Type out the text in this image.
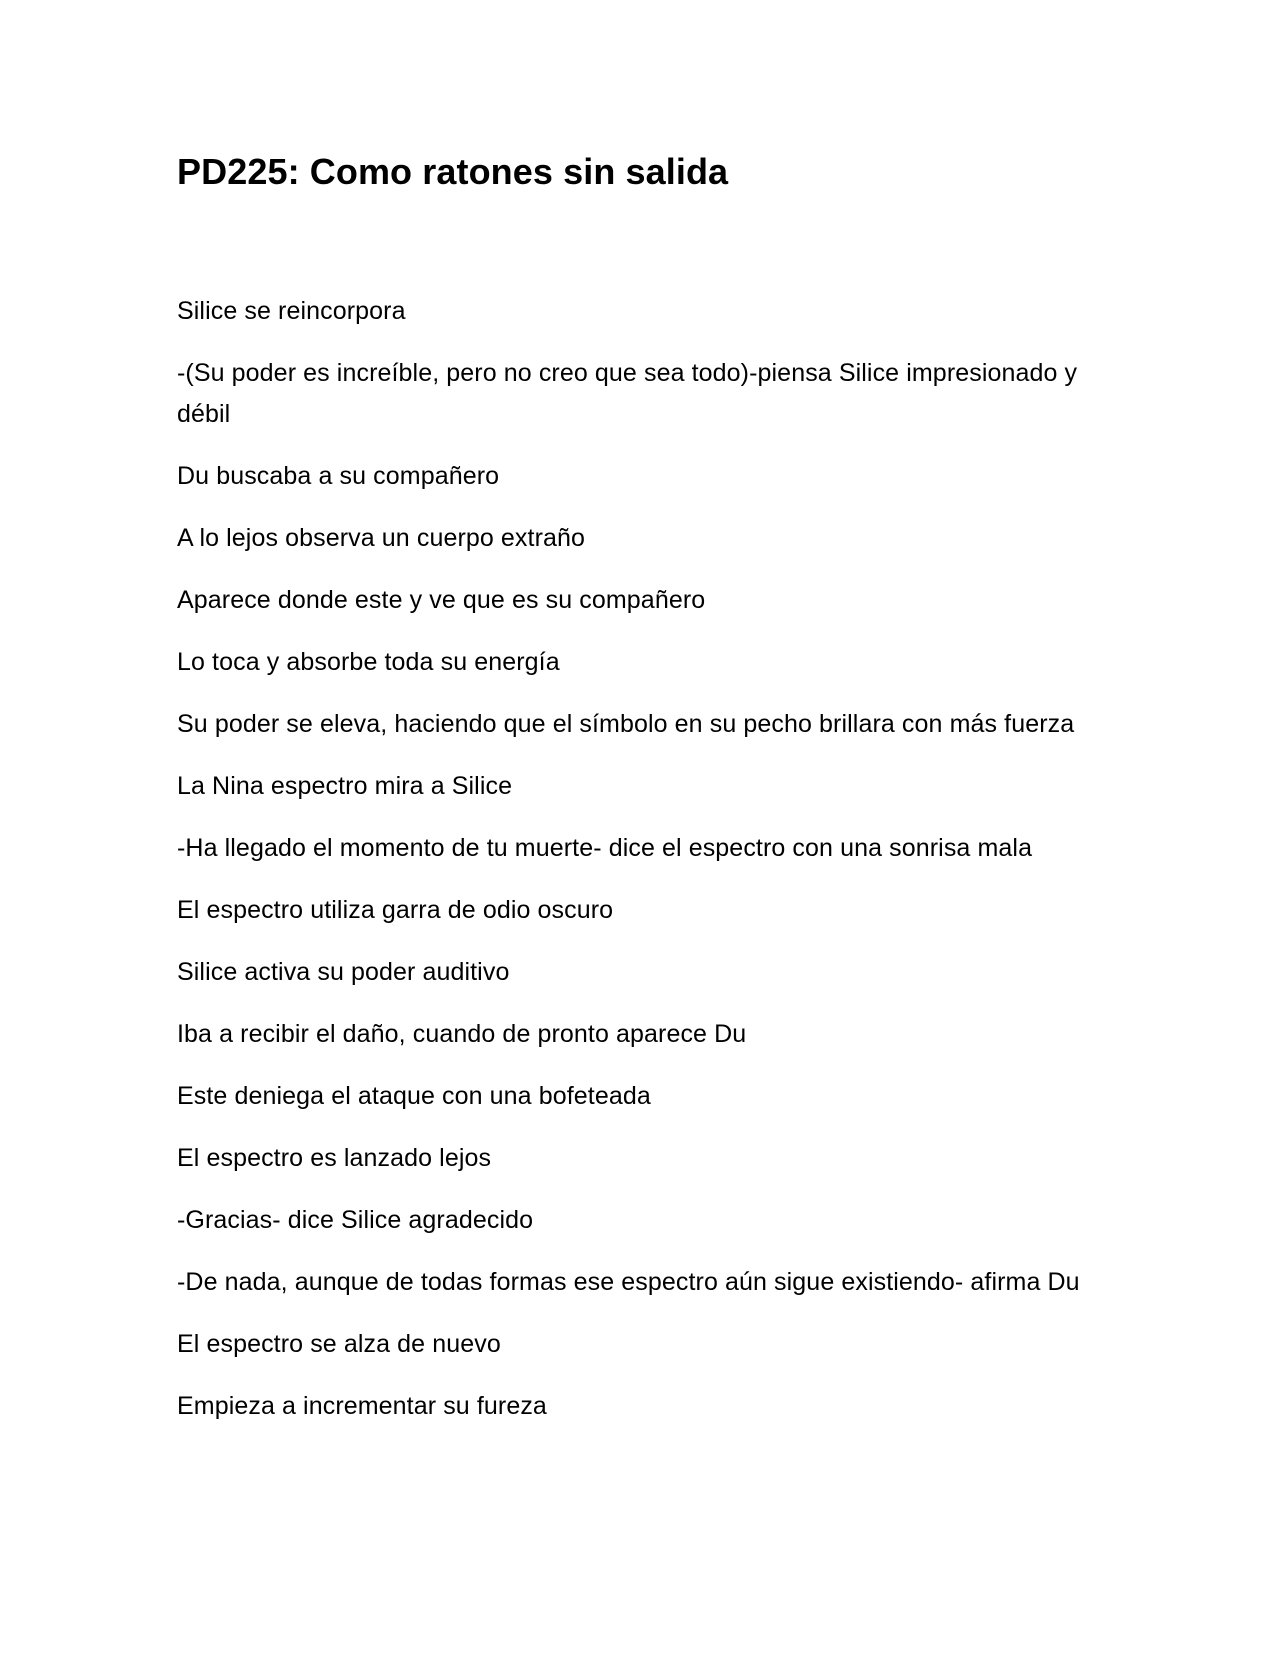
PD225: Como ratones sin salida

Silice se reincorpora

-(Su poder es increíble, pero no creo que sea todo)-piensa Silice impresionado y débil

Du buscaba a su compañero

A lo lejos observa un cuerpo extraño

Aparece donde este y ve que es su compañero

Lo toca y absorbe toda su energía

Su poder se eleva, haciendo que el símbolo en su pecho brillara con más fuerza

La Nina espectro mira a Silice

-Ha llegado el momento de tu muerte- dice el espectro con una sonrisa mala

El espectro utiliza garra de odio oscuro

Silice activa su poder auditivo

Iba a recibir el daño, cuando de pronto aparece Du

Este deniega el ataque con una bofeteada

El espectro es lanzado lejos

-Gracias- dice Silice agradecido

-De nada, aunque de todas formas ese espectro aún sigue existiendo- afirma Du

El espectro se alza de nuevo

Empieza a incrementar su fureza
